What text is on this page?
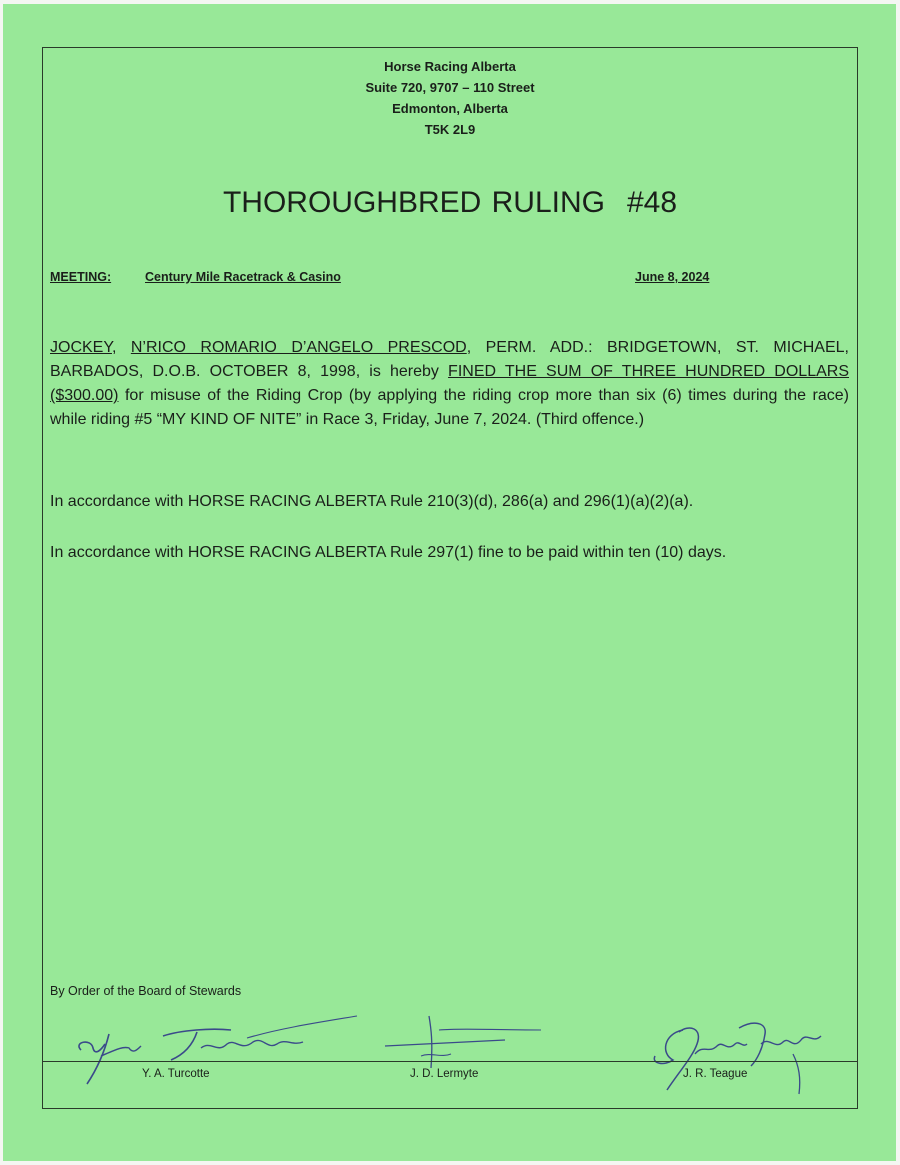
Horse Racing Alberta
Suite 720, 9707 – 110 Street
Edmonton, Alberta
T5K 2L9
THOROUGHBRED RULING #48
MEETING:	Century Mile Racetrack & Casino	June 8, 2024
JOCKEY, N’RICO ROMARIO D’ANGELO PRESCOD, PERM. ADD.: BRIDGETOWN, ST. MICHAEL, BARBADOS, D.O.B. OCTOBER 8, 1998, is hereby FINED THE SUM OF THREE HUNDRED DOLLARS ($300.00) for misuse of the Riding Crop (by applying the riding crop more than six (6) times during the race) while riding #5 “MY KIND OF NITE” in Race 3, Friday, June 7, 2024. (Third offence.)
In accordance with HORSE RACING ALBERTA Rule 210(3)(d), 286(a) and 296(1)(a)(2)(a).
In accordance with HORSE RACING ALBERTA Rule 297(1) fine to be paid within ten (10) days.
By Order of the Board of Stewards
Y. A. Turcotte	J. D. Lermyte	J. R. Teague
